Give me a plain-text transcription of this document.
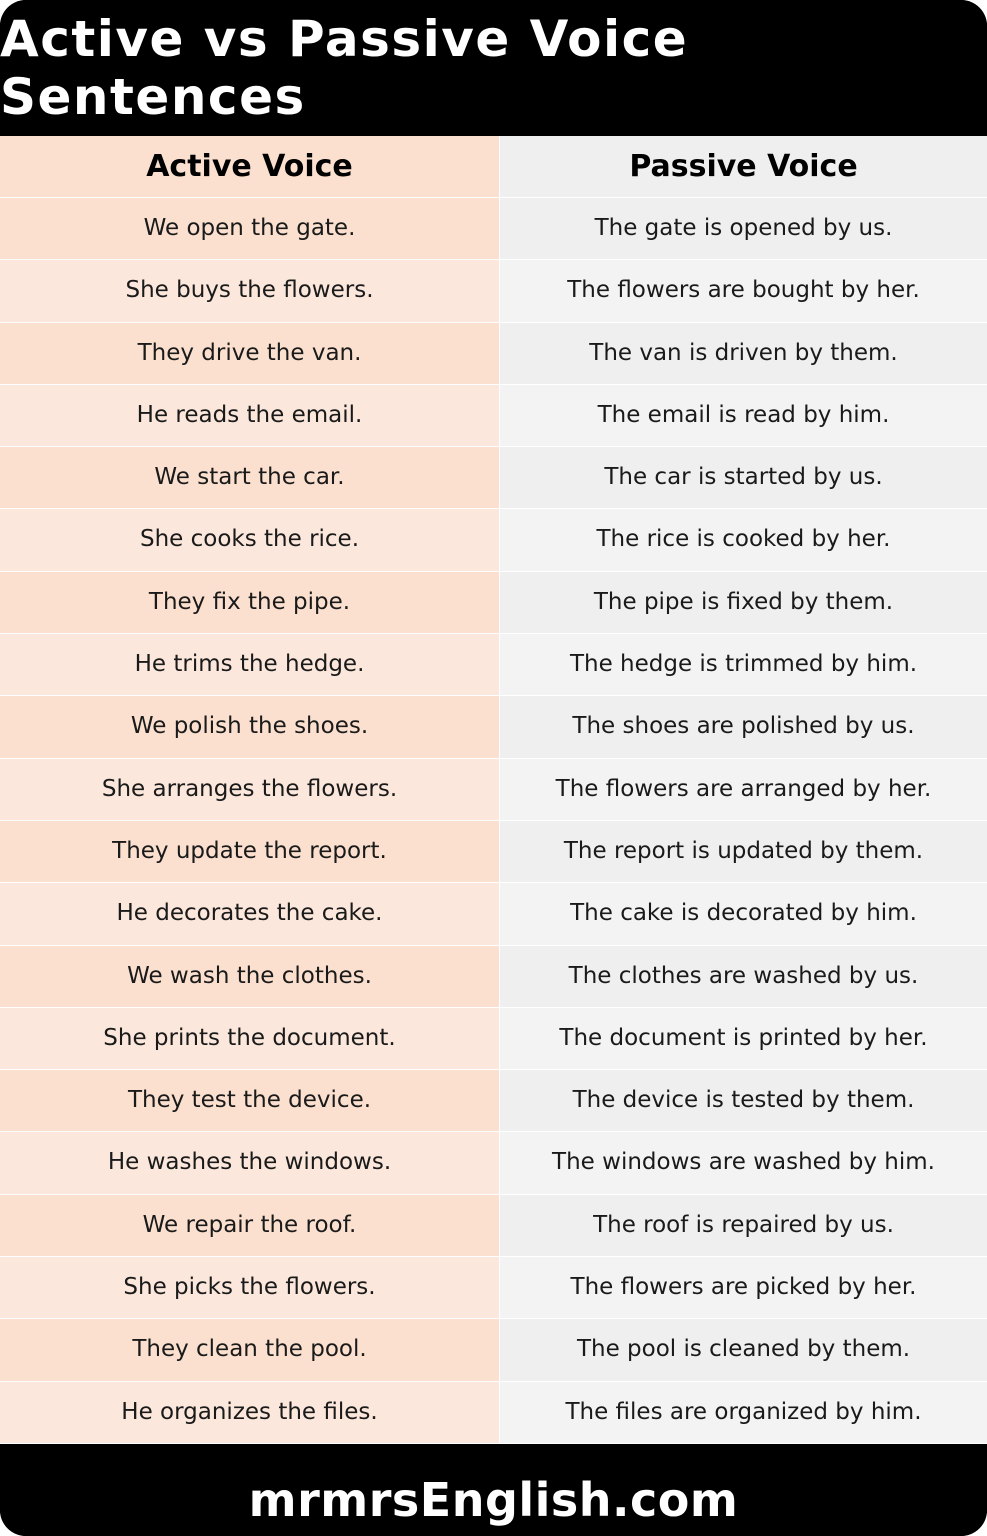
Active vs Passive Voice Sentences
Active Voice	Passive Voice
We open the gate.	The gate is opened by us.
She buys the flowers.	The flowers are bought by her.
They drive the van.	The van is driven by them.
He reads the email.	The email is read by him.
We start the car.	The car is started by us.
She cooks the rice.	The rice is cooked by her.
They fix the pipe.	The pipe is fixed by them.
He trims the hedge.	The hedge is trimmed by him.
We polish the shoes.	The shoes are polished by us.
She arranges the flowers.	The flowers are arranged by her.
They update the report.	The report is updated by them.
He decorates the cake.	The cake is decorated by him.
We wash the clothes.	The clothes are washed by us.
She prints the document.	The document is printed by her.
They test the device.	The device is tested by them.
He washes the windows.	The windows are washed by him.
We repair the roof.	The roof is repaired by us.
She picks the flowers.	The flowers are picked by her.
They clean the pool.	The pool is cleaned by them.
He organizes the files.	The files are organized by him.
mrmrsEnglish.com
